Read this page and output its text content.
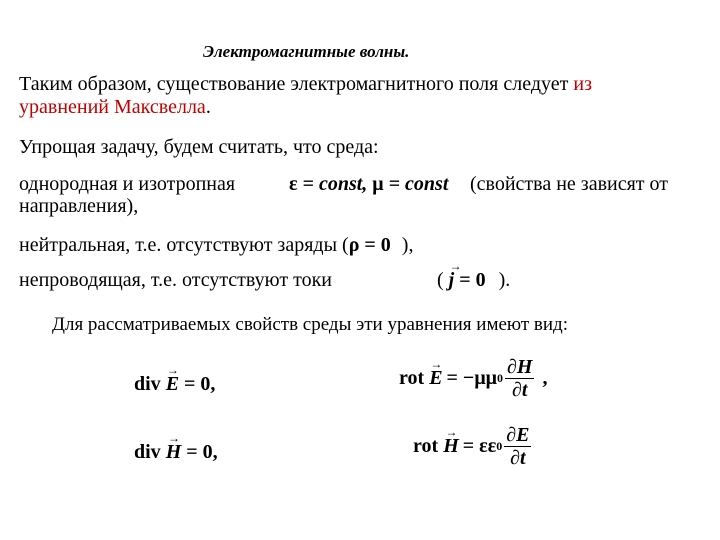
Электромагнитные волны.
Таким образом, существование электромагнитного поля следует из
уравнений Максвелла.
Упрощая задачу, будем считать, что среда:
однородная и изотропная	ε = const, μ = const (свойства не зависят от
направления),
нейтральная, т.е. отсутствуют заряды (ρ = 0 ),
непроводящая, т.е. отсутствуют токи	(
→
j = 0 ).
Для рассматриваемых свойств среды эти уравнения имеют вид:
div
→
E = 0,	rot
→
E = −μμ $0 \frac{\partial H}{\partial t}$ ,
div
→
H = 0,	rot
→
H = εε $0 \frac{\partial E}{\partial t}$
